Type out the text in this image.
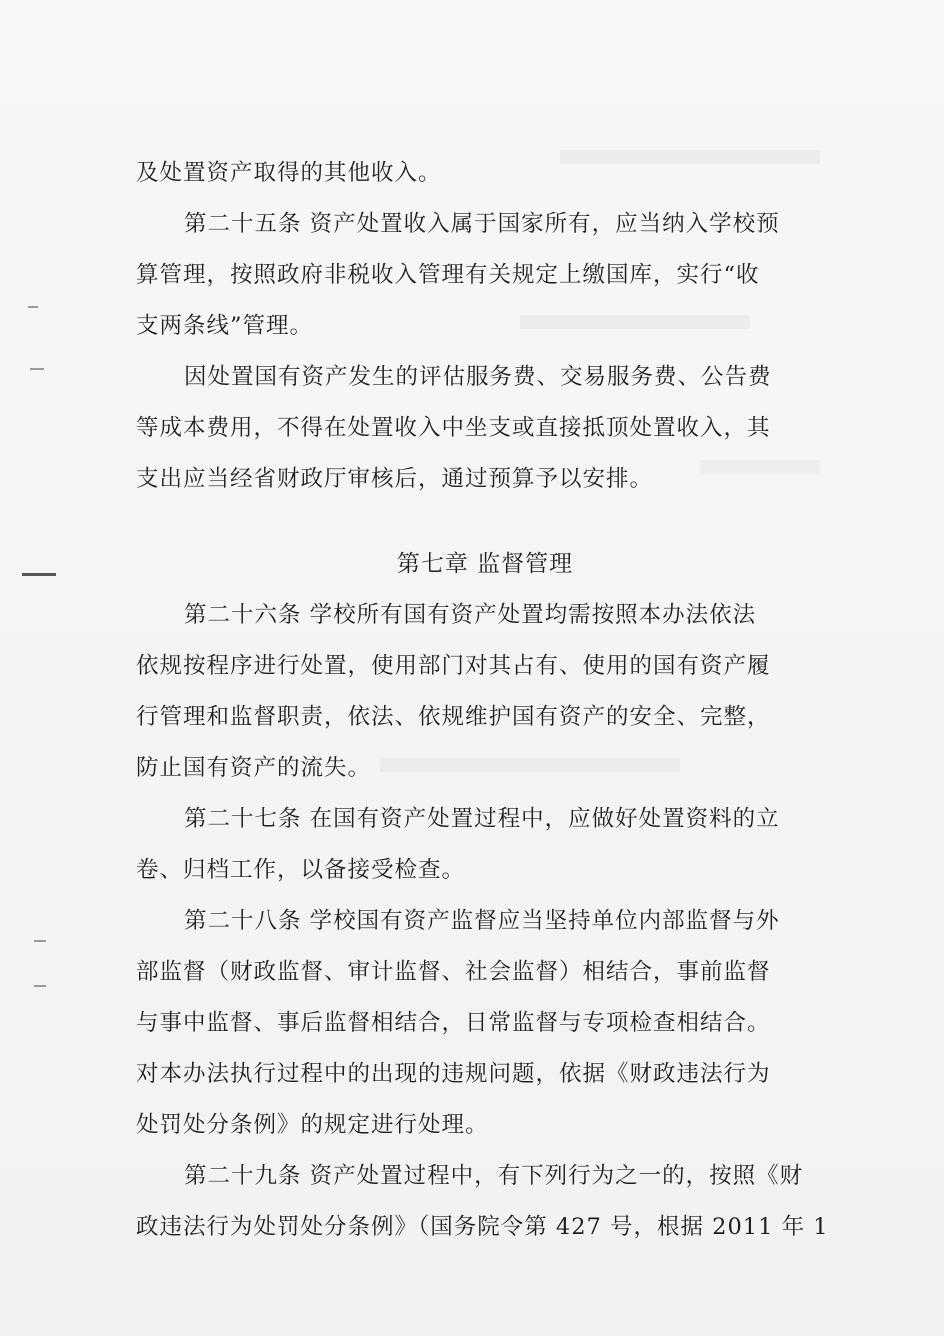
及处置资产取得的其他收入。
第二十五条 资产处置收入属于国家所有，应当纳入学校预
算管理，按照政府非税收入管理有关规定上缴国库，实行“收
支两条线”管理。
因处置国有资产发生的评估服务费、交易服务费、公告费
等成本费用，不得在处置收入中坐支或直接抵顶处置收入，其
支出应当经省财政厅审核后，通过预算予以安排。
第七章 监督管理
第二十六条 学校所有国有资产处置均需按照本办法依法
依规按程序进行处置，使用部门对其占有、使用的国有资产履
行管理和监督职责，依法、依规维护国有资产的安全、完整，
防止国有资产的流失。
第二十七条 在国有资产处置过程中，应做好处置资料的立
卷、归档工作，以备接受检查。
第二十八条 学校国有资产监督应当坚持单位内部监督与外
部监督（财政监督、审计监督、社会监督）相结合，事前监督
与事中监督、事后监督相结合，日常监督与专项检查相结合。
对本办法执行过程中的出现的违规问题，依据《财政违法行为
处罚处分条例》的规定进行处理。
第二十九条 资产处置过程中，有下列行为之一的，按照《财
政违法行为处罚处分条例》（国务院令第 427 号，根据 2011 年 1
